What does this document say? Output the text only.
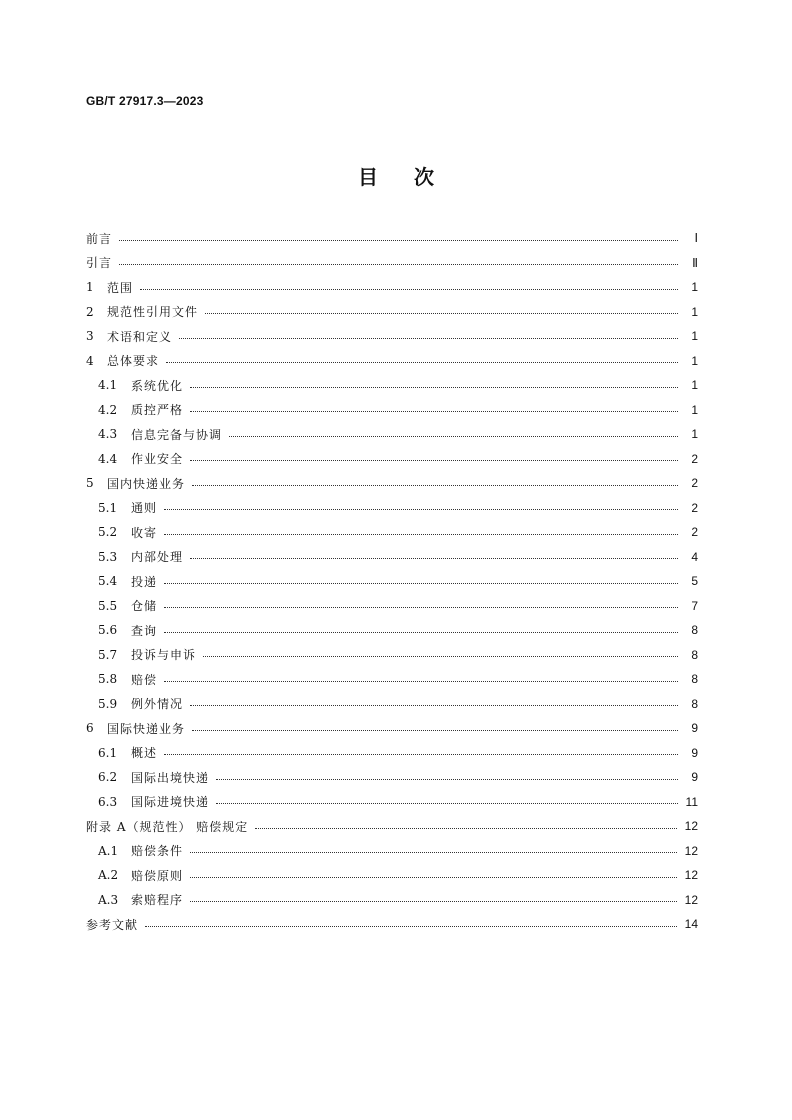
GB/T 27917.3—2023
目次
前言	Ⅰ
引言	Ⅱ
1	范围	1
2	规范性引用文件	1
3	术语和定义	1
4	总体要求	1
4.1	系统优化	1
4.2	质控严格	1
4.3	信息完备与协调	1
4.4	作业安全	2
5	国内快递业务	2
5.1	通则	2
5.2	收寄	2
5.3	内部处理	4
5.4	投递	5
5.5	仓储	7
5.6	查询	8
5.7	投诉与申诉	8
5.8	赔偿	8
5.9	例外情况	8
6	国际快递业务	9
6.1	概述	9
6.2	国际出境快递	9
6.3	国际进境快递	11
附录 A（规范性） 赔偿规定	12
A.1	赔偿条件	12
A.2	赔偿原则	12
A.3	索赔程序	12
参考文献	14
